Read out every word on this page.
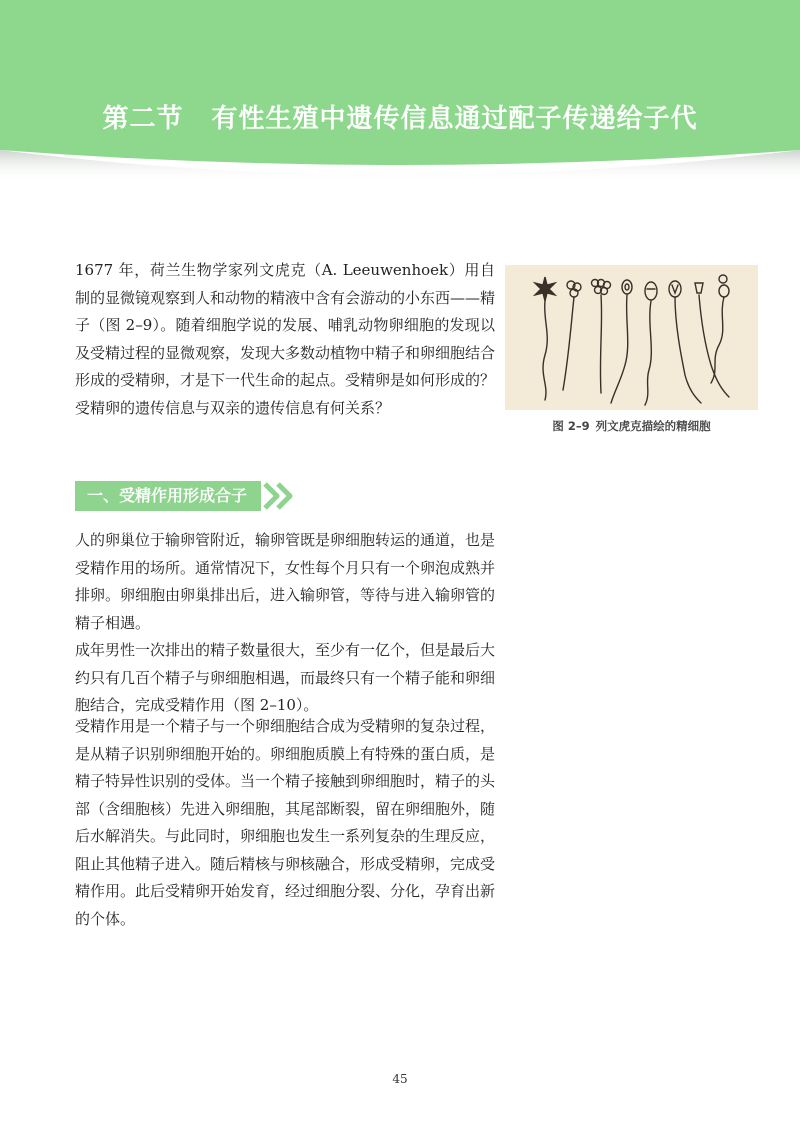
第二节 有性生殖中遗传信息通过配子传递给子代

1677 年，荷兰生物学家列文虎克（A. Leeuwenhoek）用自制的显微镜观察到人和动物的精液中含有会游动的小东西——精子（图 2–9）。随着细胞学说的发展、哺乳动物卵细胞的发现以及受精过程的显微观察，发现大多数动植物中精子和卵细胞结合形成的受精卵，才是下一代生命的起点。受精卵是如何形成的？受精卵的遗传信息与双亲的遗传信息有何关系？

图 2–9 列文虎克描绘的精细胞
一、受精作用形成合子

人的卵巢位于输卵管附近，输卵管既是卵细胞转运的通道，也是受精作用的场所。通常情况下，女性每个月只有一个卵泡成熟并排卵。卵细胞由卵巢排出后，进入输卵管，等待与进入输卵管的精子相遇。

成年男性一次排出的精子数量很大，至少有一亿个，但是最后大约只有几百个精子与卵细胞相遇，而最终只有一个精子能和卵细胞结合，完成受精作用（图 2–10）。

受精作用是一个精子与一个卵细胞结合成为受精卵的复杂过程，是从精子识别卵细胞开始的。卵细胞质膜上有特殊的蛋白质，是精子特异性识别的受体。当一个精子接触到卵细胞时，精子的头部（含细胞核）先进入卵细胞，其尾部断裂，留在卵细胞外，随后水解消失。与此同时，卵细胞也发生一系列复杂的生理反应，阻止其他精子进入。随后精核与卵核融合，形成受精卵，完成受精作用。此后受精卵开始发育，经过细胞分裂、分化，孕育出新的个体。

45
